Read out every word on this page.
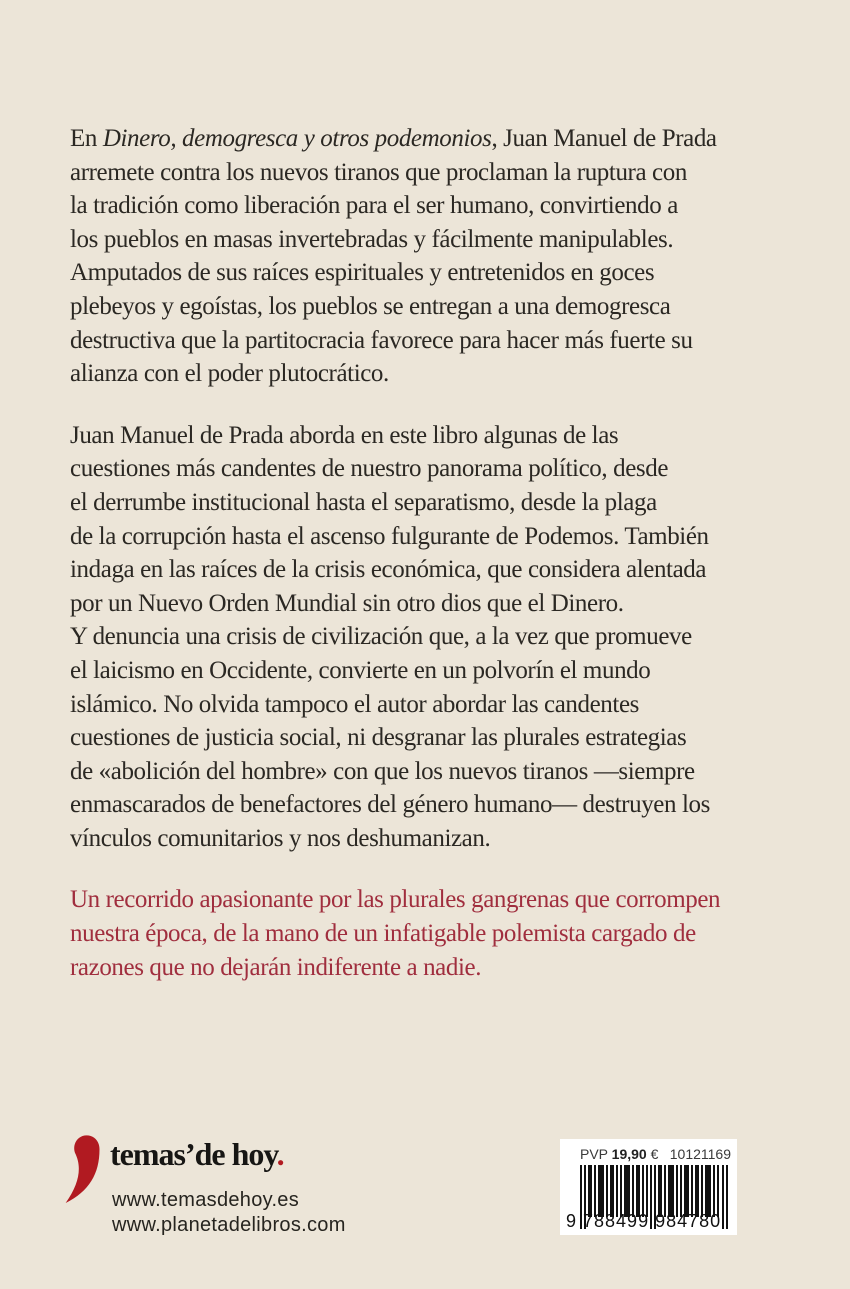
En Dinero, demogresca y otros podemonios, Juan Manuel de Prada
arremete contra los nuevos tiranos que proclaman la ruptura con
la tradición como liberación para el ser humano, convirtiendo a
los pueblos en masas invertebradas y fácilmente manipulables.
Amputados de sus raíces espirituales y entretenidos en goces
plebeyos y egoístas, los pueblos se entregan a una demogresca
destructiva que la partitocracia favorece para hacer más fuerte su
alianza con el poder plutocrático.
Juan Manuel de Prada aborda en este libro algunas de las
cuestiones más candentes de nuestro panorama político, desde
el derrumbe institucional hasta el separatismo, desde la plaga
de la corrupción hasta el ascenso fulgurante de Podemos. También
indaga en las raíces de la crisis económica, que considera alentada
por un Nuevo Orden Mundial sin otro dios que el Dinero.
Y denuncia una crisis de civilización que, a la vez que promueve
el laicismo en Occidente, convierte en un polvorín el mundo
islámico. No olvida tampoco el autor abordar las candentes
cuestiones de justicia social, ni desgranar las plurales estrategias
de «abolición del hombre» con que los nuevos tiranos —siempre
enmascarados de benefactores del género humano— destruyen los
vínculos comunitarios y nos deshumanizan.
Un recorrido apasionante por las plurales gangrenas que corrompen
nuestra época, de la mano de un infatigable polemista cargado de
razones que no dejarán indiferente a nadie.
temas’de hoy.
www.temasdehoy.es
www.planetadelibros.com
PVP 19,90 € 10121169
9 788499 984780
